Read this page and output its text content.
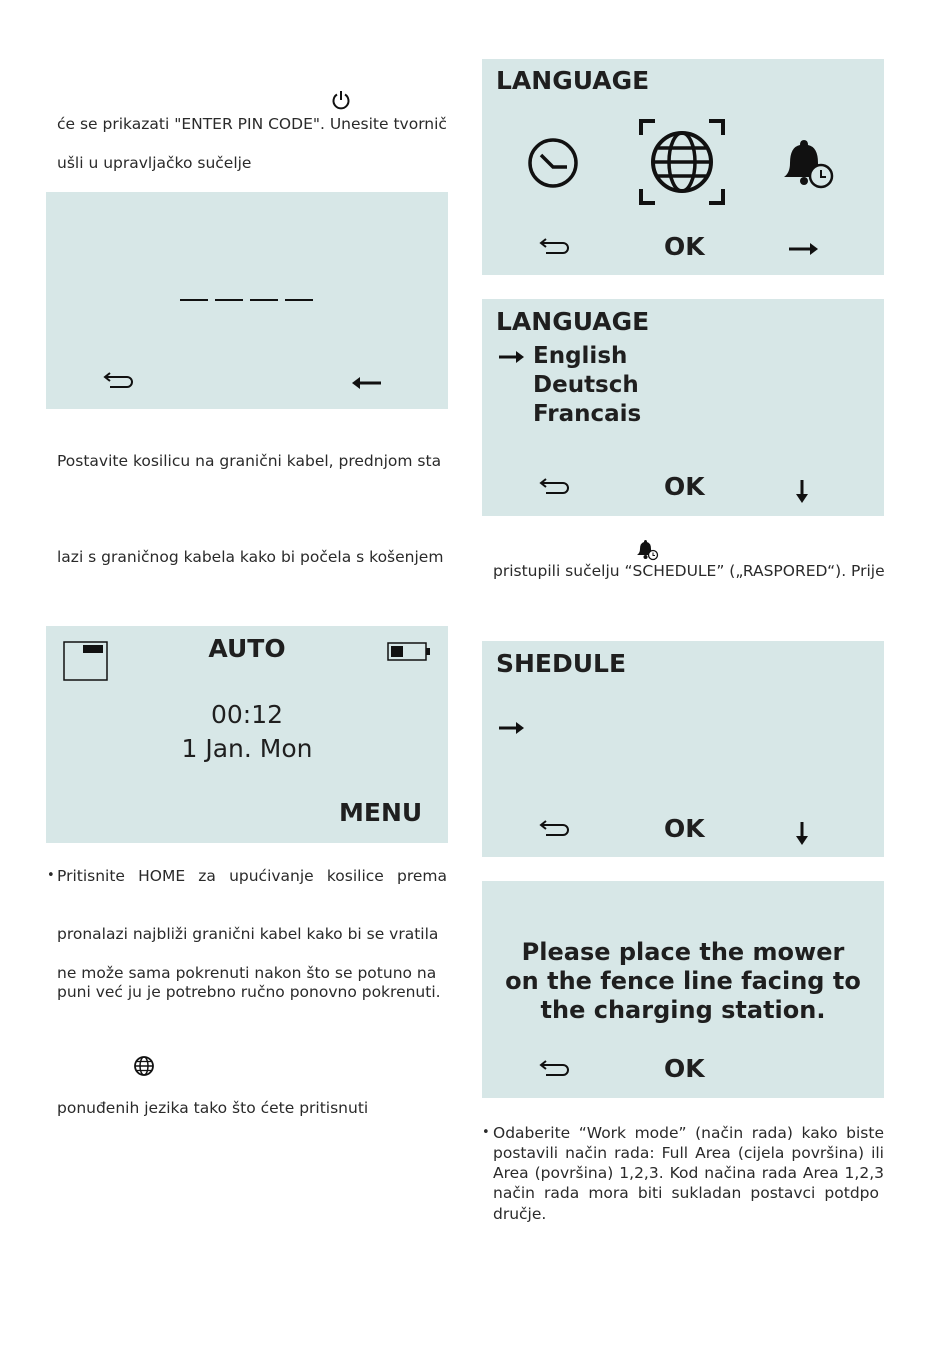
će se prikazati "ENTER PIN CODE". Unesite tvornič
ušli u upravljačko sučelje
Postavite kosilicu na granični kabel, prednjom sta
lazi s graničnog kabela kako bi počela s košenjem
AUTO
00:12
1 Jan. Mon
MENU
• Pritisnite HOME za upućivanje kosilice prema
pronalazi najbliži granični kabel kako bi se vratila
ne može sama pokrenuti nakon što se potuno na
puni već ju je potrebno ručno ponovno pokrenuti.
ponuđenih jezika tako što ćete pritisnuti
LANGUAGE
OK
LANGUAGE
English
Deutsch
Francais
OK
pristupili sučelju “SCHEDULE” („RASPORED“). Prije
SHEDULE
OK
Please place the mower
on the fence line facing to
the charging station.
OK
• Odaberite “Work mode” (način rada) kako biste
postavili način rada: Full Area (cijela površina) ili
Area (površina) 1,2,3. Kod načina rada Area 1,2,3
način rada mora biti sukladan postavci potdpo
dručje.
